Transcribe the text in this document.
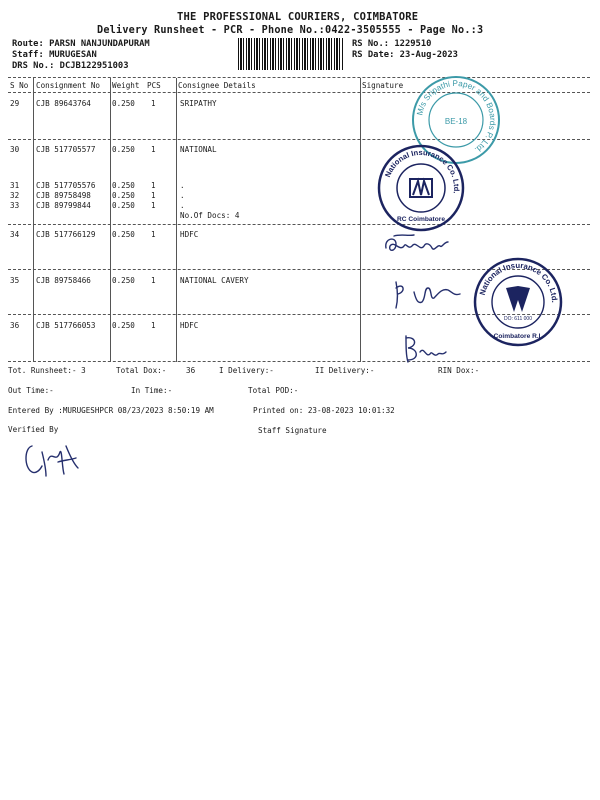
THE PROFESSIONAL COURIERS, COIMBATORE
Delivery Runsheet - PCR - Phone No.:0422-3505555 - Page No.:3
Route: PARSN NANJUNDAPURAM
Staff: MURUGESAN
DRS No.: DCJB122951003
RS No.: 1229510
RS Date: 23-Aug-2023
S No Consignment No Weight PCS Consignee Details	Signature
29 CJB 89643764	0.250 1	SRIPATHY
30 CJB 517705577 0.250 1	NATIONAL
31 CJB 517705576 0.250 1	.
32 CJB 89758498	0.250 1	.
33 CJB 89799844	0.250 1	.
No.Of Docs: 4
34 CJB 517766129 0.250 1	HDFC
35 CJB 89758466	0.250 1	NATIONAL CAVERY
36 CJB 517766053 0.250 1	HDFC
M/s Sripathi Paper and Boards P. Ltd.
BE-18
National Insurance Co. Ltd.
RC Coimbatore
National Insurance Co. Ltd.
DO: 611 000
Coimbatore R.I.
Tot. Runsheet:- 3	Total Dox:-	36	I Delivery:-	II Delivery:-	RIN Dox:-
Out Time:-	In Time:-	Total POD:-
Entered By :MURUGESHPCR 08/23/2023 8:50:19 AM	Printed on: 23-08-2023 10:01:32
Verified By	Staff Signature
